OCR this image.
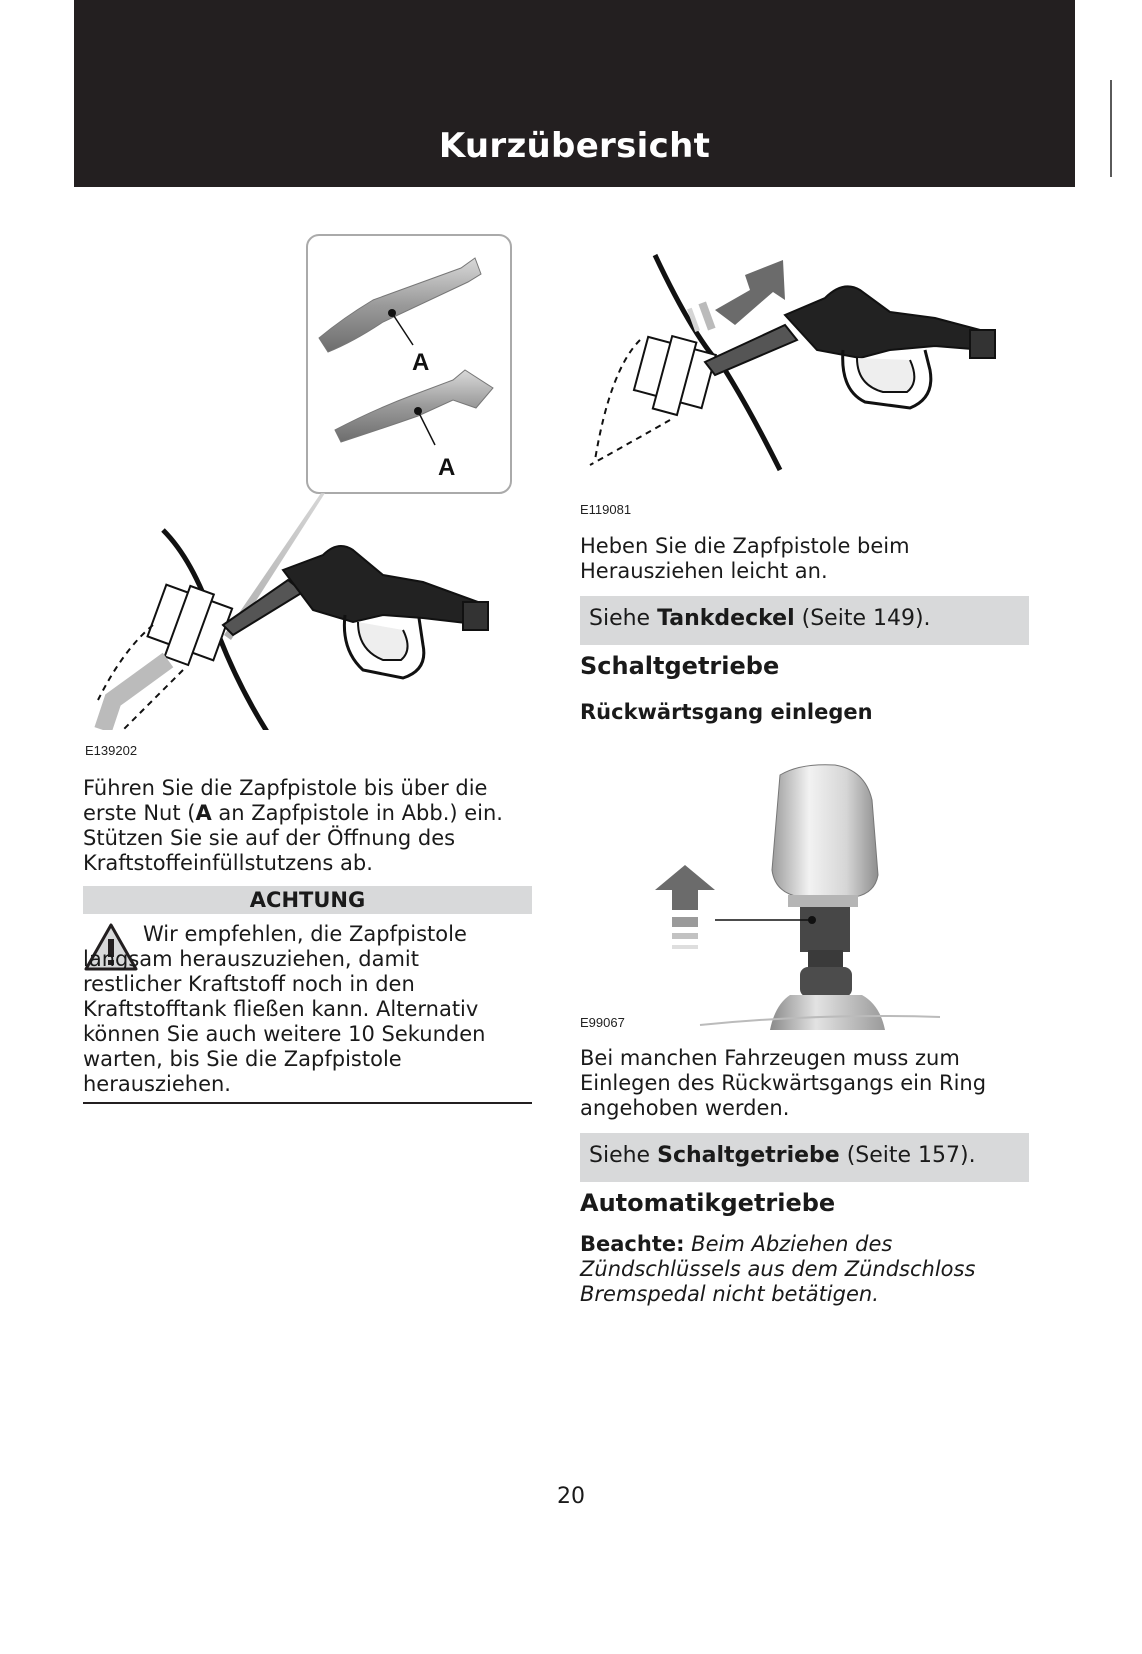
Kurzübersicht
A
A
E139202
E119081

Heben Sie die Zapfpistole beim Herausziehen leicht an.

Siehe Tankdeckel (Seite 149).
Schaltgetriebe
Rückwärtsgang einlegen
E99067

Bei manchen Fahrzeugen muss zum Einlegen des Rückwärtsgangs ein Ring angehoben werden.

Siehe Schaltgetriebe (Seite 157).
Automatikgetriebe

Beachte: Beim Abziehen des Zündschlüssels aus dem Zündschloss Bremspedal nicht betätigen.

Führen Sie die Zapfpistole bis über die erste Nut (A an Zapfpistole in Abb.) ein. Stützen Sie sie auf der Öffnung des Kraftstoffeinfüllstutzens ab.

ACHTUNG

Wir empfehlen, die Zapfpistole langsam herauszuziehen, damit restlicher Kraftstoff noch in den Kraftstofftank fließen kann. Alternativ können Sie auch weitere 10 Sekunden warten, bis Sie die Zapfpistole herausziehen.

20
